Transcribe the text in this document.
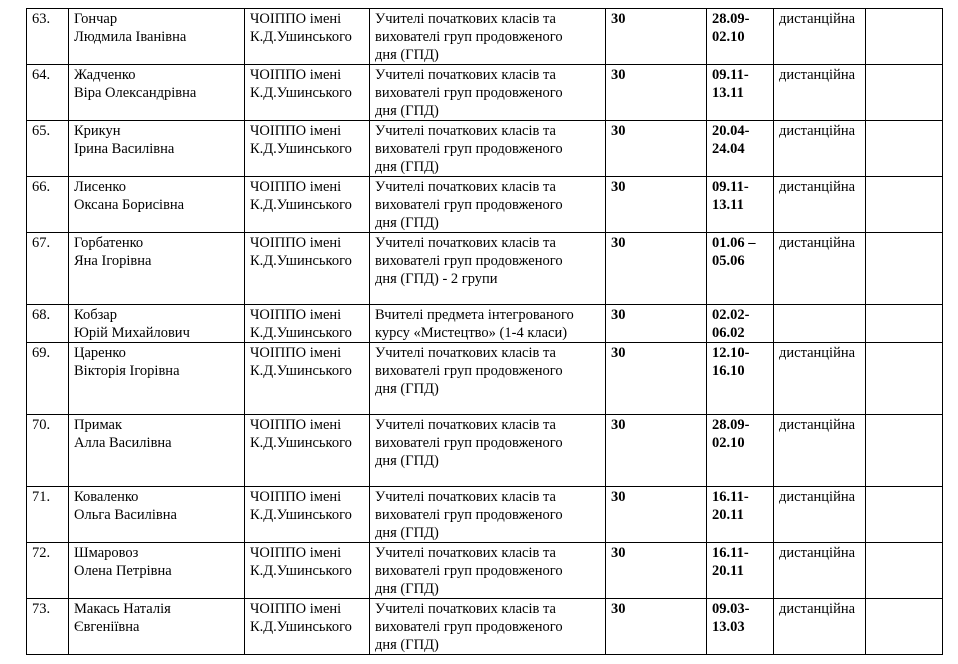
63.	Гончар
Людмила Іванівна	ЧОІППО імені
К.Д.Ушинського	Учителі початкових класів та
вихователі груп продовженого
дня (ГПД)	30	28.09-
02.10	дистанційна	

64.	Жадченко
Віра Олександрівна	ЧОІППО імені
К.Д.Ушинського	Учителі початкових класів та
вихователі груп продовженого
дня (ГПД)	30	09.11-
13.11	дистанційна	

65.	Крикун
Ірина Василівна	ЧОІППО імені
К.Д.Ушинського	Учителі початкових класів та
вихователі груп продовженого
дня (ГПД)	30	20.04-
24.04	дистанційна	

66.	Лисенко
Оксана Борисівна	ЧОІППО імені
К.Д.Ушинського	Учителі початкових класів та
вихователі груп продовженого
дня (ГПД)	30	09.11-
13.11	дистанційна	

67.	Горбатенко
Яна Ігорівна	ЧОІППО імені
К.Д.Ушинського	Учителі початкових класів та
вихователі груп продовженого
дня (ГПД) - 2 групи	30	01.06 –
05.06	дистанційна	

68.	Кобзар
Юрій Михайлович	ЧОІППО імені
К.Д.Ушинського	Вчителі предмета інтегрованого
курсу «Мистецтво» (1-4 класи)	30	02.02-
06.02		

69.	Царенко
Вікторія Ігорівна	ЧОІППО імені
К.Д.Ушинського	Учителі початкових класів та
вихователі груп продовженого
дня (ГПД)	30	12.10-
16.10	дистанційна	

70.	Примак
Алла Василівна	ЧОІППО імені
К.Д.Ушинського	Учителі початкових класів та
вихователі груп продовженого
дня (ГПД)	30	28.09-
02.10	дистанційна	

71.	Коваленко
Ольга Василівна	ЧОІППО імені
К.Д.Ушинського	Учителі початкових класів та
вихователі груп продовженого
дня (ГПД)	30	16.11-
20.11	дистанційна	

72.	Шмаровоз
Олена Петрівна	ЧОІППО імені
К.Д.Ушинського	Учителі початкових класів та
вихователі груп продовженого
дня (ГПД)	30	16.11-
20.11	дистанційна	

73.	Макась Наталія
Євгеніївна	ЧОІППО імені
К.Д.Ушинського	Учителі початкових класів та
вихователі груп продовженого
дня (ГПД)	30	09.03-
13.03	дистанційна	
